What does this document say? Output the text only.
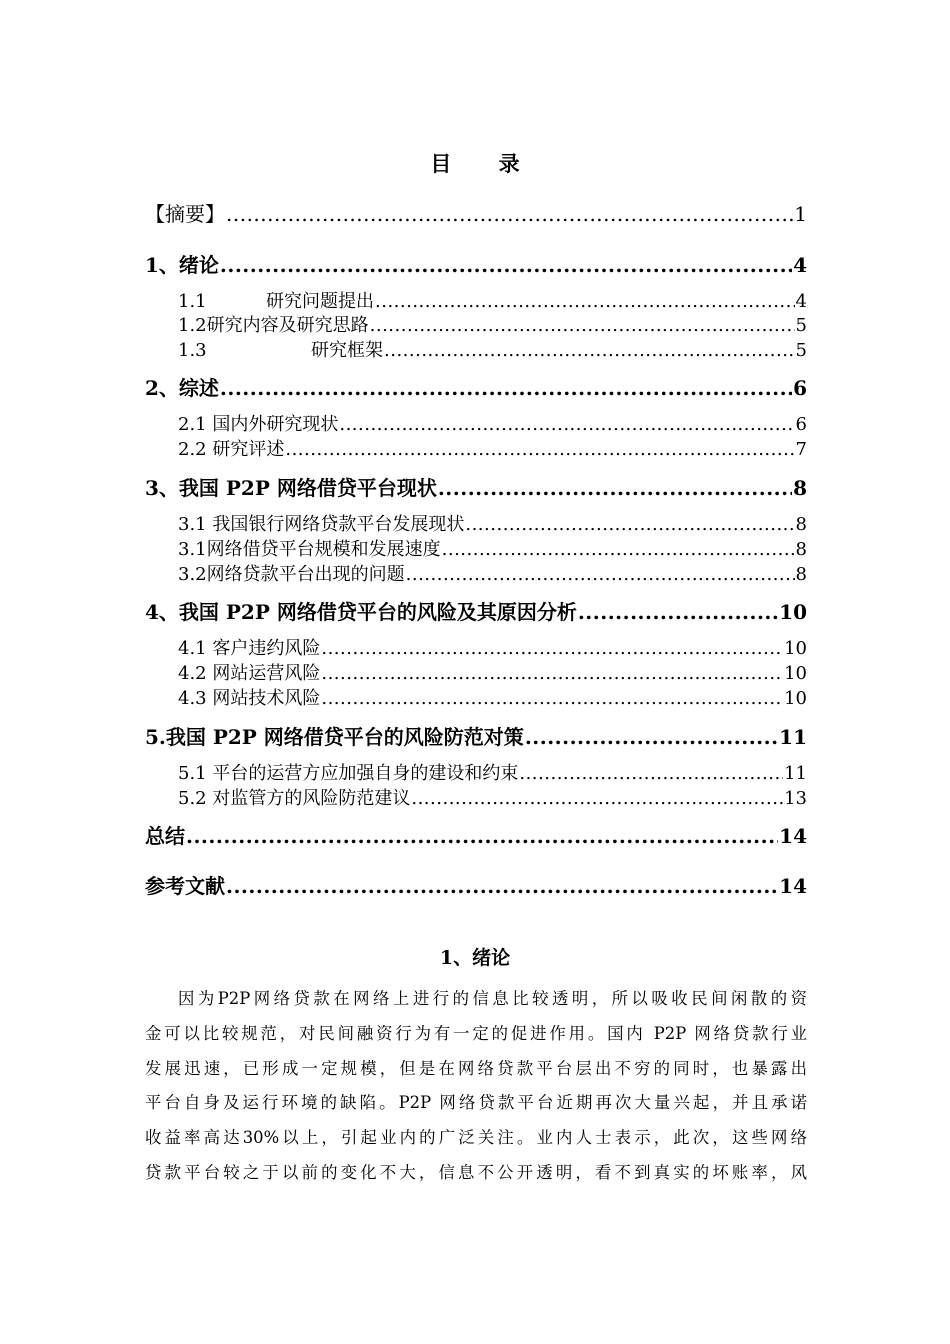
目 录
【摘要】 .....	1
1、绪论 .....	4
1.1	研究问题提出 .....	4
1.2研究内容及研究思路 .....	5
1.3	研究框架 .....	5
2、综述 .....	6
2.1 国内外研究现状 .....	6
2.2 研究评述 .....	7
3、我国 P2P 网络借贷平台现状 .....	8
3.1 我国银行网络贷款平台发展现状 .....	8
3.1网络借贷平台规模和发展速度 .....	8
3.2网络贷款平台出现的问题 .....	8
4、我国 P2P 网络借贷平台的风险及其原因分析 .....	10
4.1 客户违约风险 .....	10
4.2 网站运营风险 .....	10
4.3 网站技术风险 .....	10
5.我国 P2P 网络借贷平台的风险防范对策 .....	11
5.1 平台的运营方应加强自身的建设和约束 .....	11
5.2 对监管方的风险防范建议 .....	13
总结 .....	14
参考文献 .....	14
1、绪论
因为P2P网络贷款在网络上进行的信息比较透明，所以吸收民间闲散的资
金可以比较规范，对民间融资行为有一定的促进作用。国内 P2P 网络贷款行业
发展迅速，已形成一定规模，但是在网络贷款平台层出不穷的同时，也暴露出
平台自身及运行环境的缺陷。P2P 网络贷款平台近期再次大量兴起，并且承诺
收益率高达30%以上，引起业内的广泛关注。业内人士表示，此次，这些网络
贷款平台较之于以前的变化不大，信息不公开透明，看不到真实的坏账率，风
